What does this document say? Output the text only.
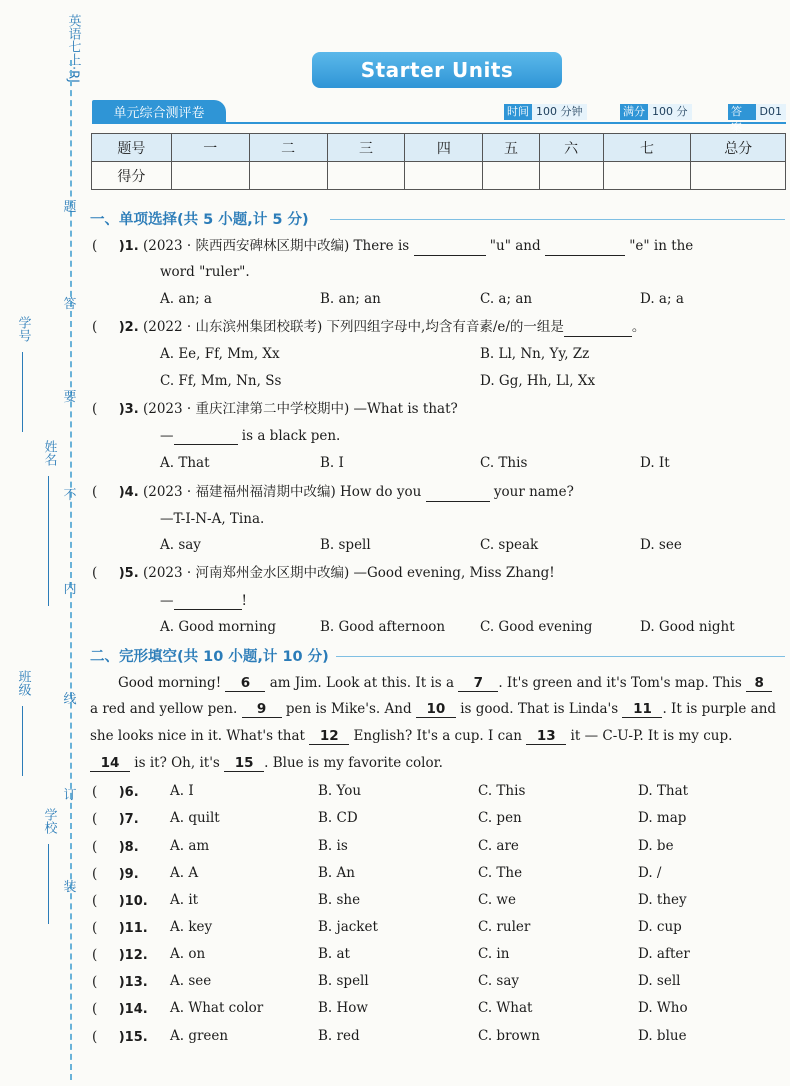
英语七上·RJ
题
答
要
不
内
线
订
装
学号
姓名
班级
学校
Starter Units
单元综合测评卷	时间 100 分钟	满分 100 分	答案
D01
题号	一	二	三	四	五	六	七	总分
得分								
一、单项选择(共 5 小题,计 5 分)
(     )1. (2023 · 陕西西安碑林区期中改编) There is	"u" and	"e" in the
word "ruler".
A. an; a	B. an; an	C. a; an	D. a; a
(     )2. (2022 · 山东滨州集团校联考) 下列四组字母中,均含有音素/e/的一组是	。
A. Ee, Ff, Mm, Xx	B. Ll, Nn, Yy, Zz
C. Ff, Mm, Nn, Ss	D. Gg, Hh, Ll, Xx
(     )3. (2023 · 重庆江津第二中学校期中) —What is that?
—	is a black pen.
A. That	B. I	C. This	D. It
(     )4. (2023 · 福建福州福清期中改编) How do you	your name?
—T-I-N-A, Tina.
A. say	B. spell	C. speak	D. see
(     )5. (2023 · 河南郑州金水区期中改编) —Good evening, Miss Zhang!
—	!
A. Good morning	B. Good afternoon	C. Good evening	D. Good night
二、完形填空(共 10 小题,计 10 分)
Good morning! 6 am Jim. Look at this. It is a 7 . It's green and it's Tom's map. This 8
a red and yellow pen. 9 pen is Mike's. And 10 is good. That is Linda's 11 . It is purple and
she looks nice in it. What's that 12 English? It's a cup. I can 13 it — C-U-P. It is my cup.
14 is it? Oh, it's 15 . Blue is my favorite color.
(     )6. A. I	B. You	C. This	D. That
(     )7. A. quilt	B. CD	C. pen	D. map
(     )8. A. am	B. is	C. are	D. be
(     )9. A. A	B. An	C. The	D. /
(     )10. A. it	B. she	C. we	D. they
(     )11. A. key	B. jacket	C. ruler	D. cup
(     )12. A. on	B. at	C. in	D. after
(     )13. A. see	B. spell	C. say	D. sell
(     )14. A. What color	B. How	C. What	D. Who
(     )15. A. green	B. red	C. brown	D. blue
